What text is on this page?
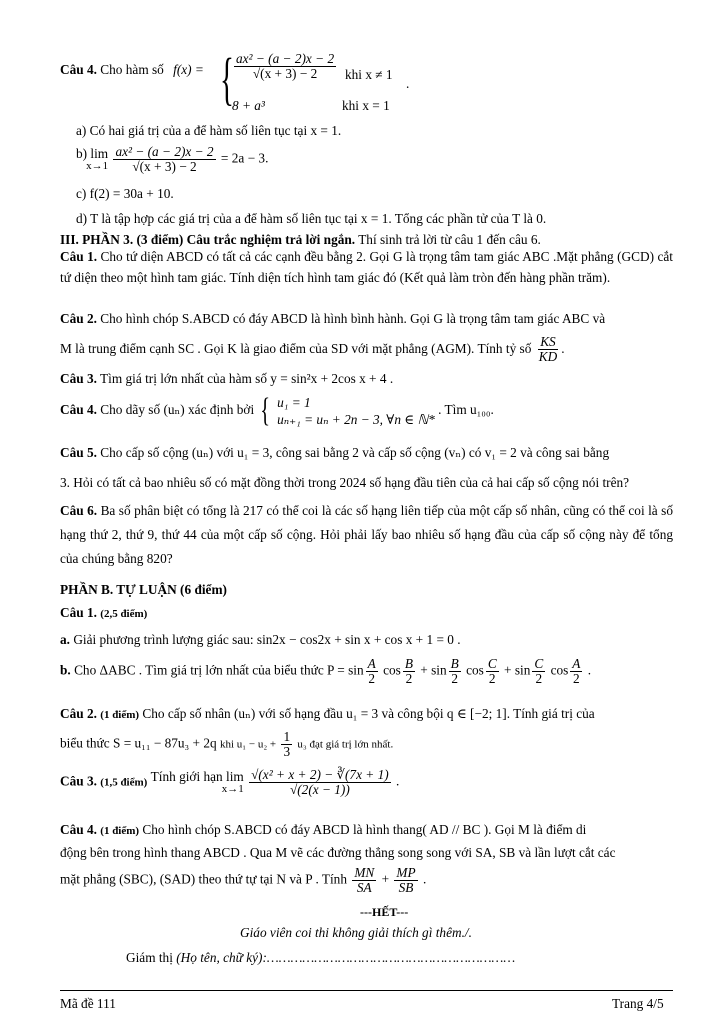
Câu 4. Cho hàm số f(x) = { $\frac{\text{ax² − (a − 2)x − 2}}{√(x + 3) - 2}$ khi x ≠ 1
.
8 + a³	khi x = 1
a) Có hai giá trị của a để hàm số liên tục tại x = 1.
b) lim
x→1
$\frac{\text{ax² − (a − 2)x − 2}}{√(x + 3) - 2} = 2a - 3$.
c) f(2) = 30a + 10.
d) T là tập hợp các giá trị của a để hàm số liên tục tại x = 1. Tổng các phần tử của T là 0.
III. PHẦN 3. (3 điểm) Câu trắc nghiệm trả lời ngắn. Thí sinh trả lời từ câu 1 đến câu 6.
Câu 1. Cho tứ diện ABCD có tất cả các cạnh đều bằng 2. Gọi G là trọng tâm tam giác ABC .Mặt phẳng (GCD) cắt tứ diện theo một hình tam giác. Tính diện tích hình tam giác đó (Kết quả làm tròn đến hàng phần trăm).
Câu 2. Cho hình chóp S.ABCD có đáy ABCD là hình bình hành. Gọi G là trọng tâm tam giác ABC và
M là trung điểm cạnh SC . Gọi K là giao điểm của SD với mặt phẳng (AGM). Tính tỷ số $\frac{KS}{KD}$ .
Câu 3. Tìm giá trị lớn nhất của hàm số y = sin²x + 2cos x + 4 .
Câu 4. Cho dãy số (uₙ) xác định bởi { u₁ = 1
uₙ₊₁ = uₙ + 2n − 3, ∀n ∈ ℕ*
. Tìm u₁₀₀.
Câu 5. Cho cấp số cộng (uₙ) với u₁ = 3, công sai bằng 2 và cấp số cộng (vₙ) có v₁ = 2 và công sai bằng
3. Hỏi có tất cả bao nhiêu số có mặt đồng thời trong 2024 số hạng đầu tiên của cả hai cấp số cộng nói trên?
Câu 6. Ba số phân biệt có tổng là 217 có thể coi là các số hạng liên tiếp của một cấp số nhân, cũng có thể coi là số hạng thứ 2, thứ 9, thứ 44 của một cấp số cộng. Hỏi phải lấy bao nhiêu số hạng đầu của cấp số cộng này để tổng của chúng bằng 820?
PHẦN B. TỰ LUẬN (6 điểm)
Câu 1. (2,5 điểm)
a. Giải phương trình lượng giác sau: sin2x − cos2x + sin x + cos x + 1 = 0 .
b. Cho ΔABC . Tìm giá trị lớn nhất của biểu thức $P = \sin \frac{A}{2}$ $\cos \frac{B}{2} + \sin \frac{B}{2}$ $\cos \frac{C}{2} + \sin \frac{C}{2}$ $\cos \frac{A}{2}$ .
Câu 2. (1 điểm) Cho cấp số nhân (uₙ) với số hạng đầu u₁ = 3 và công bội q ∈ [−2; 1]. Tính giá trị của
biểu thức S = u₁₁ − 87u₃ + 2q khi $u_1 - u_2 + \frac{1}{3} u_3$ đạt giá trị lớn nhất.
Câu 3. (1,5 điểm) Tính giới hạn lim
x→1
$\frac{\text{√(x² + x + 2) − ∛(7x + 1)}}{√(2(x - 1))}$ .
Câu 4. (1 điểm) Cho hình chóp S.ABCD có đáy ABCD là hình thang( AD // BC ). Gọi M là điểm di
động bên trong hình thang ABCD . Qua M vẽ các đường thẳng song song với SA, SB và lần lượt cắt các
mặt phẳng (SBC), (SAD) theo thứ tự tại N và P . Tính $\frac{MN}{SA} + \frac{MP}{SB}$ .
---HẾT---
Giáo viên coi thi không giải thích gì thêm./.
Giám thị (Họ tên, chữ ký):………………………………………………………
Mã đề 111	Trang 4/5
